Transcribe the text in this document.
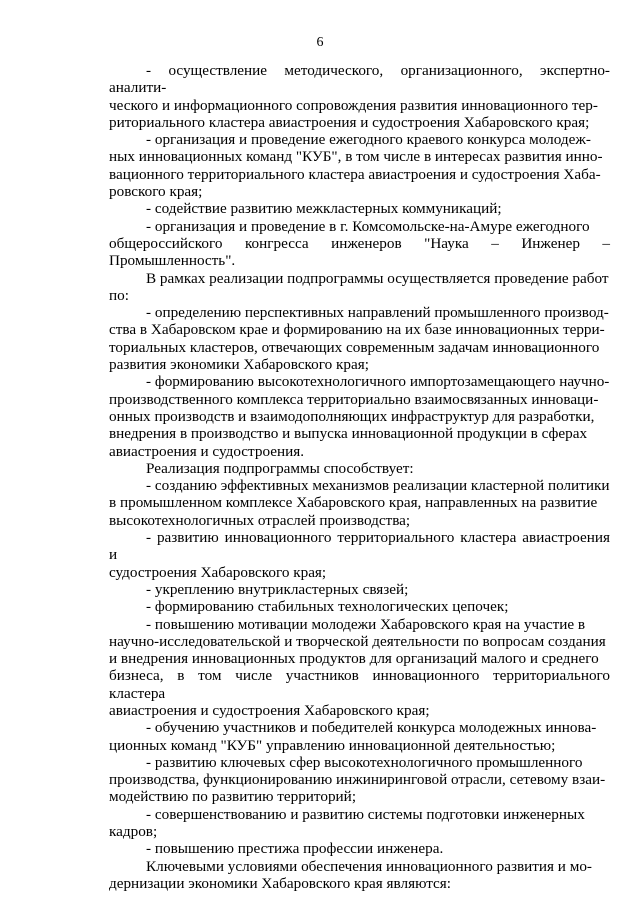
6

- осуществление методического, организационного, экспертно-аналити-
ческого и информационного сопровождения развития инновационного тер-
риториального кластера авиастроения и судостроения Хабаровского края;

- организация и проведение ежегодного краевого конкурса молодеж-
ных инновационных команд "КУБ", в том числе в интересах развития инно-
вационного территориального кластера авиастроения и судостроения Хаба-
ровского края;

- содействие развитию межкластерных коммуникаций;

- организация и проведение в г. Комсомольске-на-Амуре ежегодного
общероссийского конгресса инженеров "Наука – Инженер – Промышленность".

В рамках реализации подпрограммы осуществляется проведение работ
по:

- определению перспективных направлений промышленного производ-
ства в Хабаровском крае и формированию на их базе инновационных терри-
ториальных кластеров, отвечающих современным задачам инновационного
развития экономики Хабаровского края;

- формированию высокотехнологичного импортозамещающего научно-
производственного комплекса территориально взаимосвязанных инноваци-
онных производств и взаимодополняющих инфраструктур для разработки,
внедрения в производство и выпуска инновационной продукции в сферах
авиастроения и судостроения.

Реализация подпрограммы способствует:

- созданию эффективных механизмов реализации кластерной политики
в промышленном комплексе Хабаровского края, направленных на развитие
высокотехнологичных отраслей производства;

- развитию инновационного территориального кластера авиастроения и
судостроения Хабаровского края;

- укреплению внутрикластерных связей;

- формированию стабильных технологических цепочек;

- повышению мотивации молодежи Хабаровского края на участие в
научно-исследовательской и творческой деятельности по вопросам создания
и внедрения инновационных продуктов для организаций малого и среднего
бизнеса, в том числе участников инновационного территориального кластера
авиастроения и судостроения Хабаровского края;

- обучению участников и победителей конкурса молодежных иннова-
ционных команд "КУБ" управлению инновационной деятельностью;

- развитию ключевых сфер высокотехнологичного промышленного
производства, функционированию инжиниринговой отрасли, сетевому взаи-
модействию по развитию территорий;

- совершенствованию и развитию системы подготовки инженерных
кадров;

- повышению престижа профессии инженера.

Ключевыми условиями обеспечения инновационного развития и мо-
дернизации экономики Хабаровского края являются:
